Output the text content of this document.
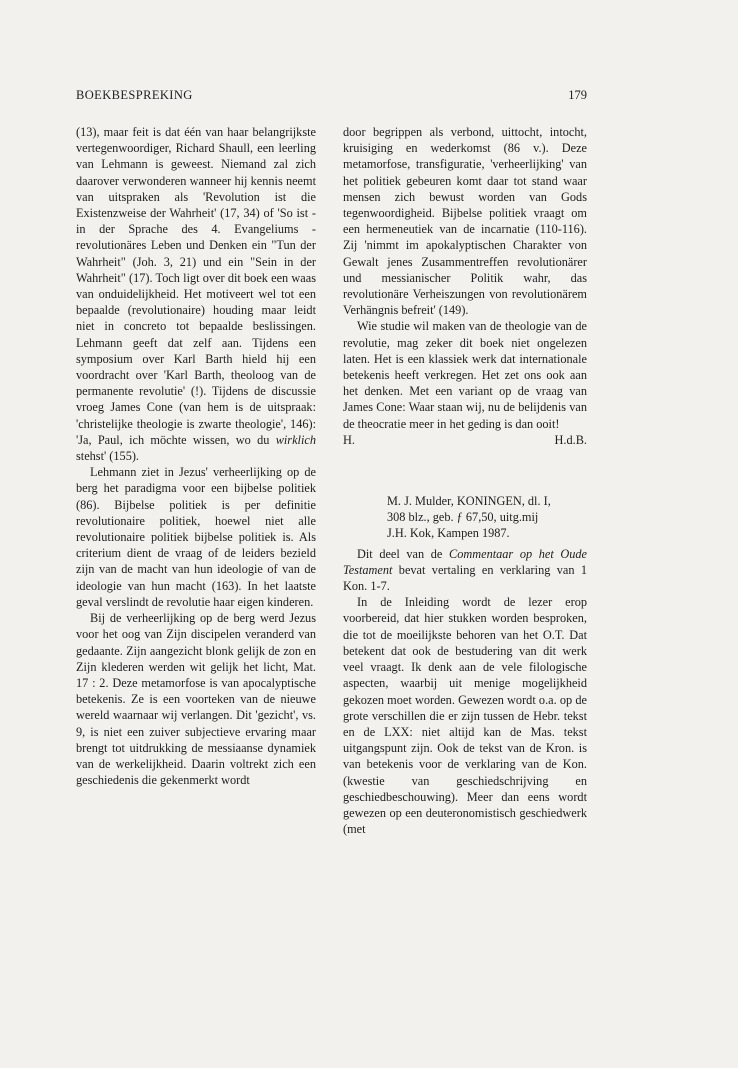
BOEKBESPREKING	179

(13), maar feit is dat één van haar belangrijkste vertegenwoordiger, Richard Shaull, een leerling van Lehmann is geweest. Niemand zal zich daarover verwonderen wanneer hij kennis neemt van uitspraken als 'Revolution ist die Existenzweise der Wahrheit' (17, 34) of 'So ist - in der Sprache des 4. Evangeliums - revolutionäres Leben und Denken ein "Tun der Wahrheit" (Joh. 3, 21) und ein "Sein in der Wahrheit" (17). Toch ligt over dit boek een waas van onduidelijkheid. Het motiveert wel tot een bepaalde (revolutionaire) houding maar leidt niet in concreto tot bepaalde beslissingen. Lehmann geeft dat zelf aan. Tijdens een symposium over Karl Barth hield hij een voordracht over 'Karl Barth, theoloog van de permanente revolutie' (!). Tijdens de discussie vroeg James Cone (van hem is de uitspraak: 'christelijke theologie is zwarte theologie', 146): 'Ja, Paul, ich möchte wissen, wo du wirklich stehst' (155).

Lehmann ziet in Jezus' verheerlijking op de berg het paradigma voor een bijbelse politiek (86). Bijbelse politiek is per definitie revolutionaire politiek, hoewel niet alle revolutionaire politiek bijbelse politiek is. Als criterium dient de vraag of de leiders bezield zijn van de macht van hun ideologie of van de ideologie van hun macht (163). In het laatste geval verslindt de revolutie haar eigen kinderen.

Bij de verheerlijking op de berg werd Jezus voor het oog van Zijn discipelen veranderd van gedaante. Zijn aangezicht blonk gelijk de zon en Zijn klederen werden wit gelijk het licht, Mat. 17 : 2. Deze metamorfose is van apocalyptische betekenis. Ze is een voorteken van de nieuwe wereld waarnaar wij verlangen. Dit 'gezicht', vs. 9, is niet een zuiver subjectieve ervaring maar brengt tot uitdrukking de messiaanse dynamiek van de werkelijkheid. Daarin voltrekt zich een geschiedenis die gekenmerkt wordt

door begrippen als verbond, uittocht, intocht, kruisiging en wederkomst (86 v.). Deze metamorfose, transfiguratie, 'verheerlijking' van het politiek gebeuren komt daar tot stand waar mensen zich bewust worden van Gods tegenwoordigheid. Bijbelse politiek vraagt om een hermeneutiek van de incarnatie (110-116). Zij 'nimmt im apokalyptischen Charakter von Gewalt jenes Zusammentreffen revolutionärer und messianischer Politik wahr, das revolutionäre Verheiszungen von revolutionärem Verhängnis befreit' (149).

Wie studie wil maken van de theologie van de revolutie, mag zeker dit boek niet ongelezen laten. Het is een klassiek werk dat internationale betekenis heeft verkregen. Het zet ons ook aan het denken. Met een variant op de vraag van James Cone: Waar staan wij, nu de belijdenis van de theocratie meer in het geding is dan ooit!

H.	H.d.B.
M. J. Mulder, KONINGEN, dl. I,
308 blz., geb. ƒ 67,50, uitg.mij
J.H. Kok, Kampen 1987.

Dit deel van de Commentaar op het Oude Testament bevat vertaling en verklaring van 1 Kon. 1-7.

In de Inleiding wordt de lezer erop voorbereid, dat hier stukken worden besproken, die tot de moeilijkste behoren van het O.T. Dat betekent dat ook de bestudering van dit werk veel vraagt. Ik denk aan de vele filologische aspecten, waarbij uit menige mogelijkheid gekozen moet worden. Gewezen wordt o.a. op de grote verschillen die er zijn tussen de Hebr. tekst en de LXX: niet altijd kan de Mas. tekst uitgangspunt zijn. Ook de tekst van de Kron. is van betekenis voor de verklaring van de Kon. (kwestie van geschiedschrijving en geschiedbeschouwing). Meer dan eens wordt gewezen op een deuteronomistisch geschiedwerk (met
